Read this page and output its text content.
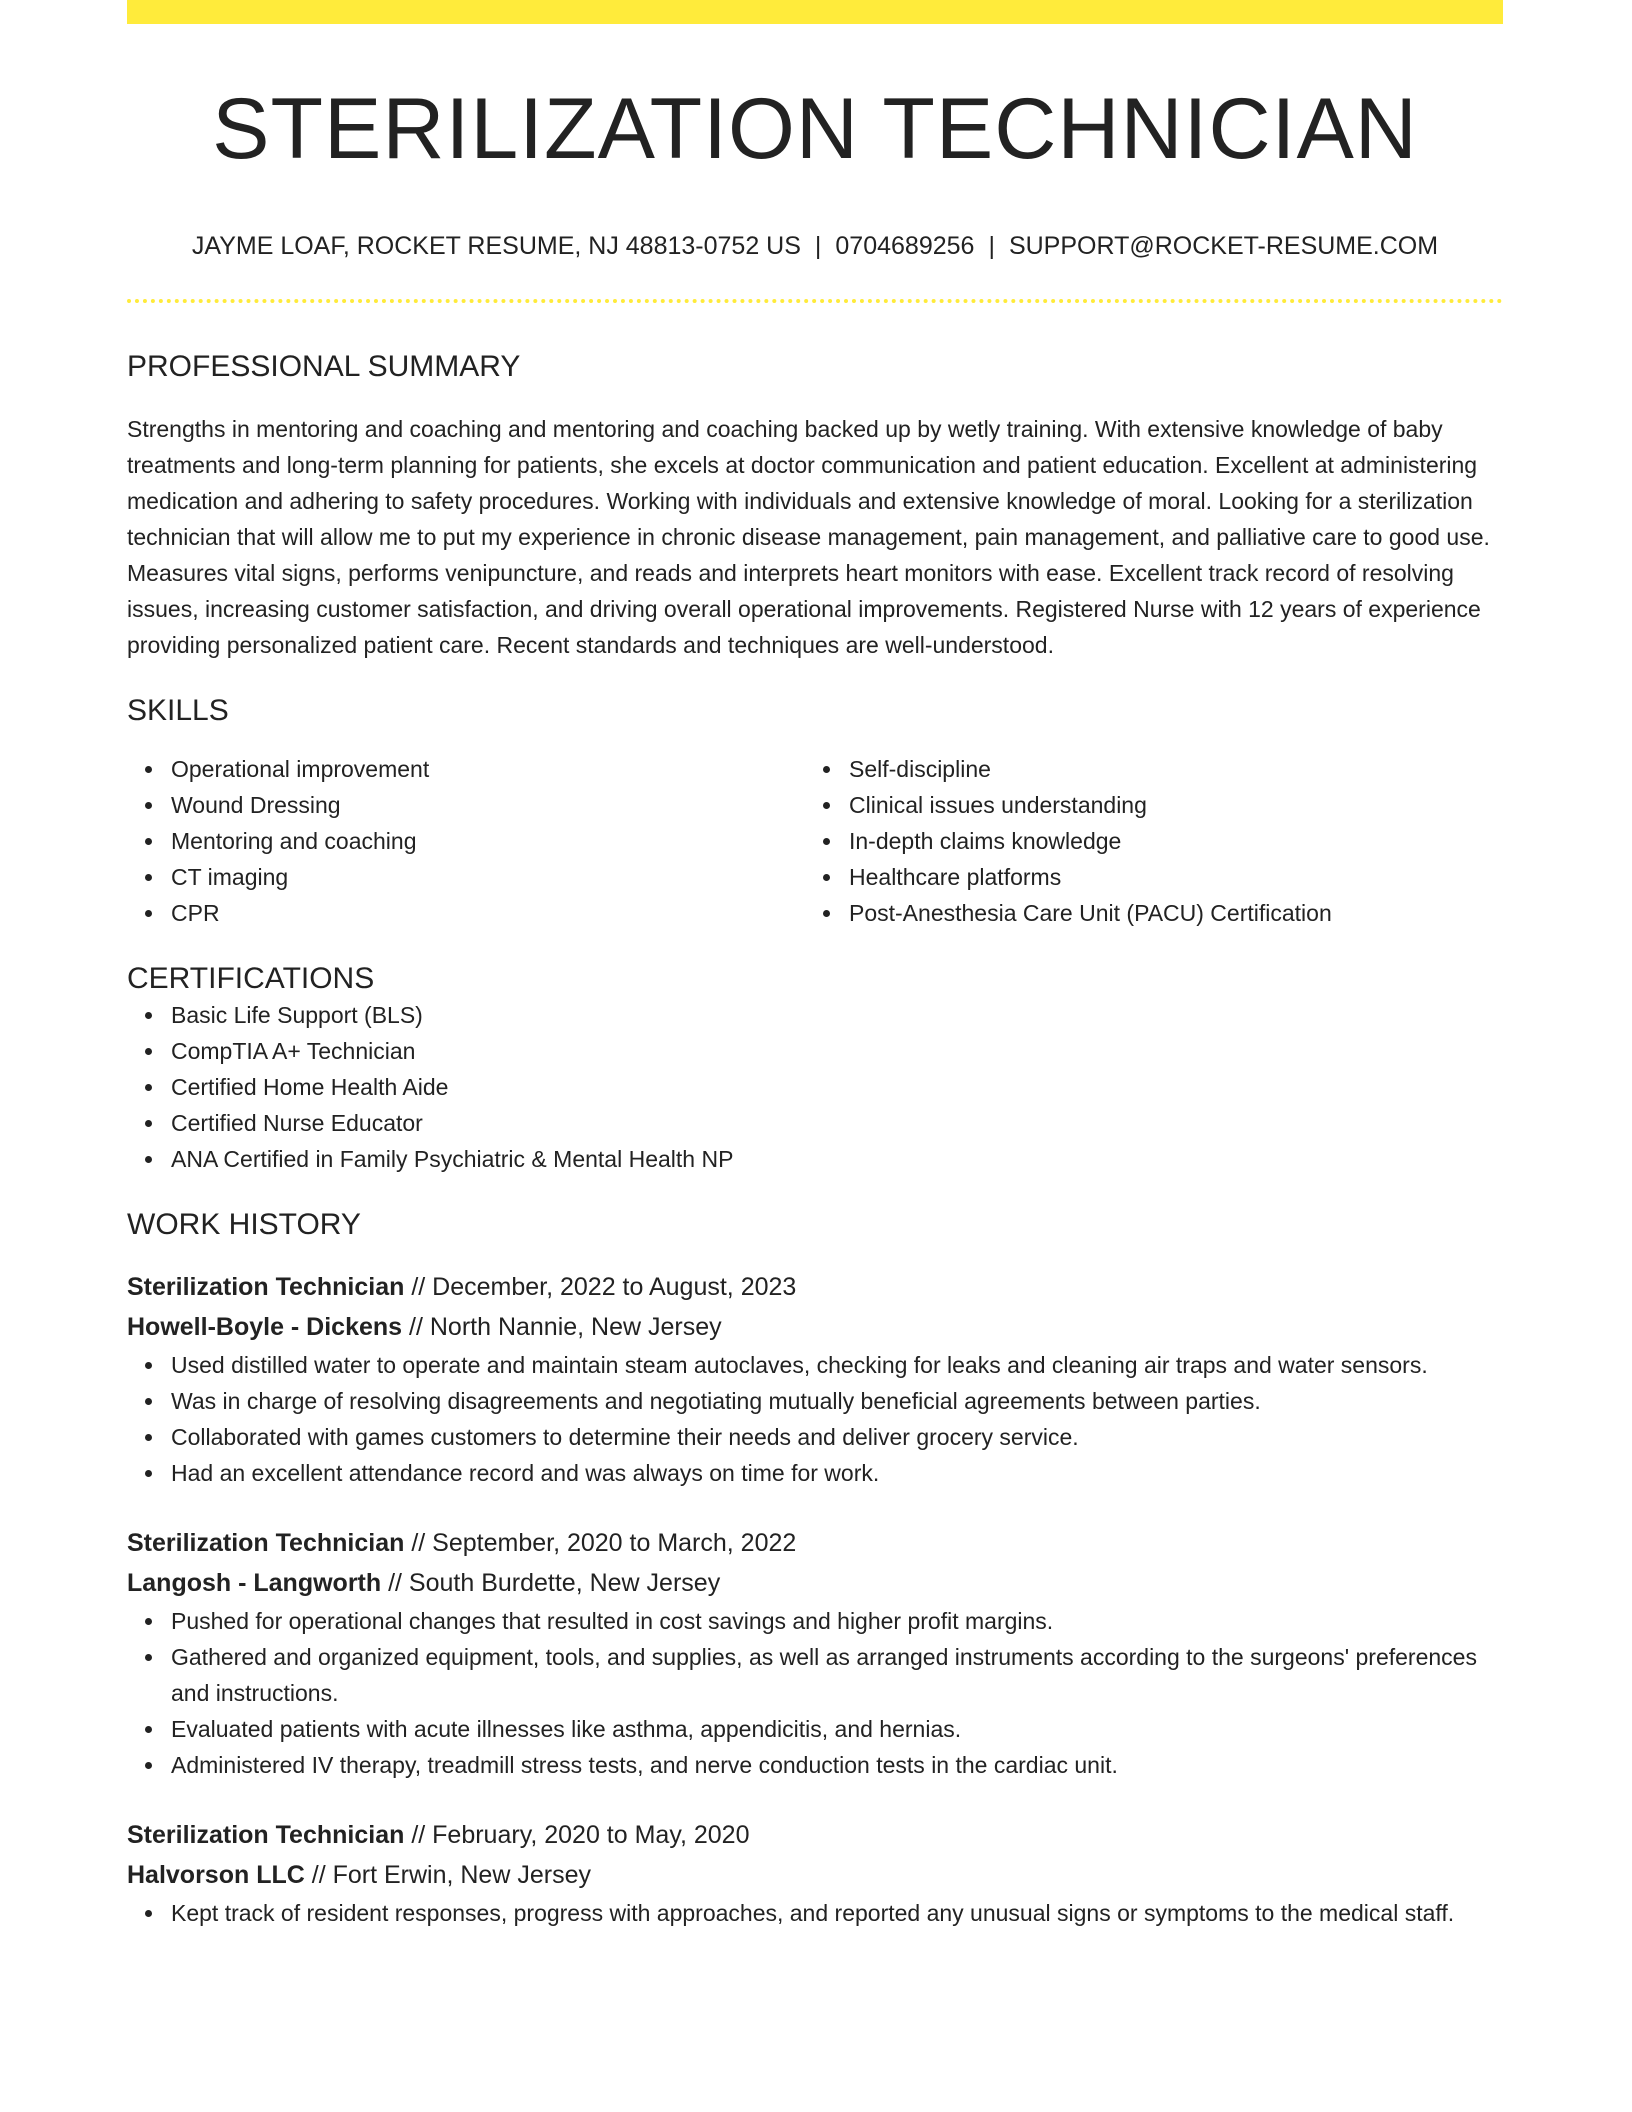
STERILIZATION TECHNICIAN
JAYME LOAF, ROCKET RESUME, NJ 48813-0752 US | 0704689256 | SUPPORT@ROCKET-RESUME.COM
PROFESSIONAL SUMMARY
Strengths in mentoring and coaching and mentoring and coaching backed up by wetly training. With extensive knowledge of baby treatments and long-term planning for patients, she excels at doctor communication and patient education. Excellent at administering medication and adhering to safety procedures. Working with individuals and extensive knowledge of moral. Looking for a sterilization technician that will allow me to put my experience in chronic disease management, pain management, and palliative care to good use. Measures vital signs, performs venipuncture, and reads and interprets heart monitors with ease. Excellent track record of resolving issues, increasing customer satisfaction, and driving overall operational improvements. Registered Nurse with 12 years of experience providing personalized patient care. Recent standards and techniques are well-understood.
SKILLS
Operational improvement
Wound Dressing
Mentoring and coaching
CT imaging
CPR
Self-discipline
Clinical issues understanding
In-depth claims knowledge
Healthcare platforms
Post-Anesthesia Care Unit (PACU) Certification
CERTIFICATIONS
Basic Life Support (BLS)
CompTIA A+ Technician
Certified Home Health Aide
Certified Nurse Educator
ANA Certified in Family Psychiatric & Mental Health NP
WORK HISTORY
Sterilization Technician // December, 2022 to August, 2023
Howell-Boyle - Dickens // North Nannie, New Jersey
Used distilled water to operate and maintain steam autoclaves, checking for leaks and cleaning air traps and water sensors.
Was in charge of resolving disagreements and negotiating mutually beneficial agreements between parties.
Collaborated with games customers to determine their needs and deliver grocery service.
Had an excellent attendance record and was always on time for work.
Sterilization Technician // September, 2020 to March, 2022
Langosh - Langworth // South Burdette, New Jersey
Pushed for operational changes that resulted in cost savings and higher profit margins.
Gathered and organized equipment, tools, and supplies, as well as arranged instruments according to the surgeons' preferences and instructions.
Evaluated patients with acute illnesses like asthma, appendicitis, and hernias.
Administered IV therapy, treadmill stress tests, and nerve conduction tests in the cardiac unit.
Sterilization Technician // February, 2020 to May, 2020
Halvorson LLC // Fort Erwin, New Jersey
Kept track of resident responses, progress with approaches, and reported any unusual signs or symptoms to the medical staff.
